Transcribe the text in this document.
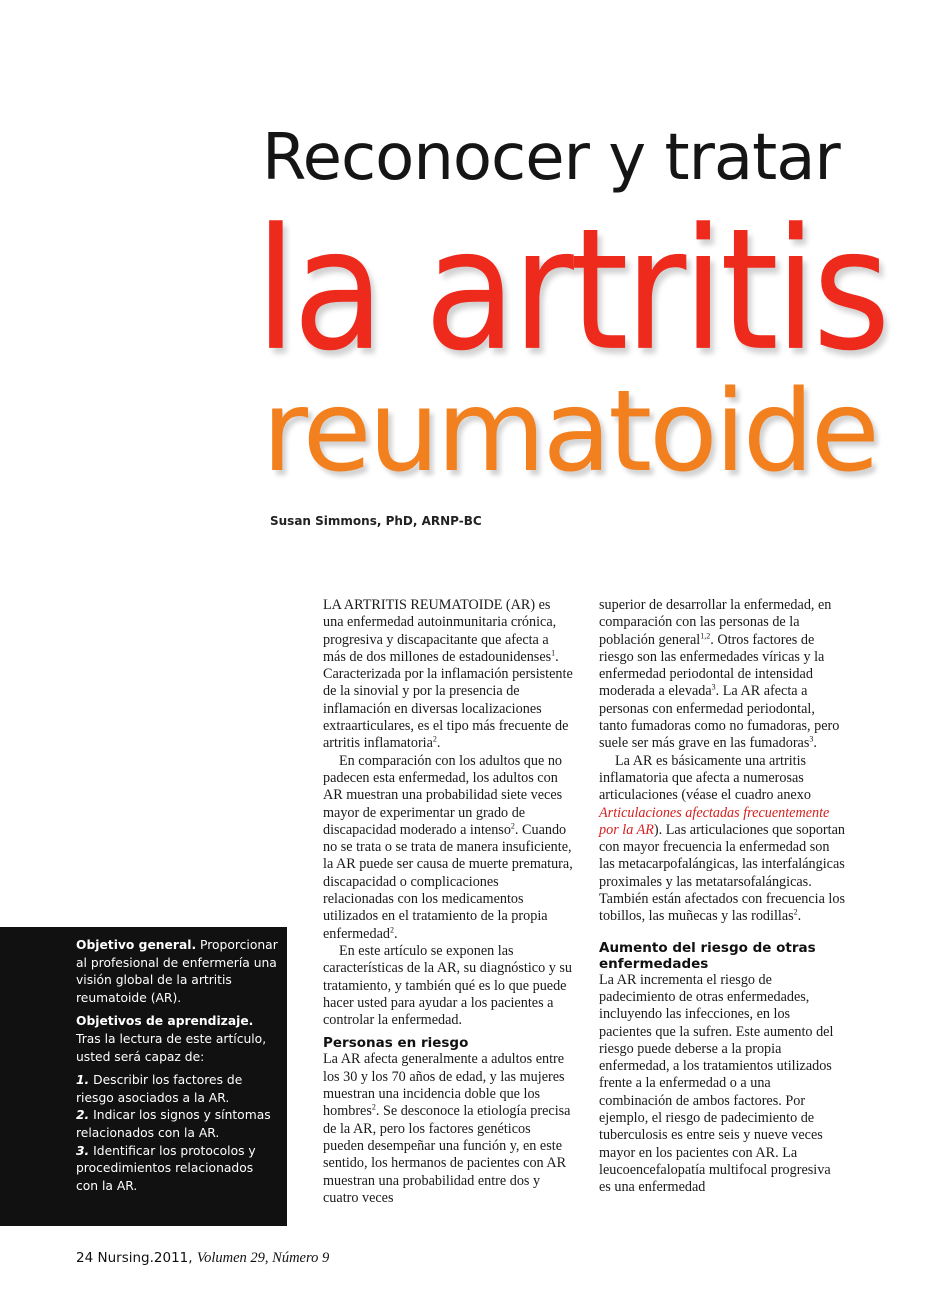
Reconocer y tratar
la artritis
reumatoide
Susan Simmons, PhD, ARNP-BC

LA ARTRITIS REUMATOIDE (AR) es una enfermedad autoinmunitaria crónica, progresiva y discapacitante que afecta a más de dos millones de estadounidenses$^1$. Caracterizada por la inflamación persistente de la sinovial y por la presencia de inflamación en diversas localizaciones extraarticulares, es el tipo más frecuente de artritis inflamatoria$^2$.

En comparación con los adultos que no padecen esta enfermedad, los adultos con AR muestran una probabilidad siete veces mayor de experimentar un grado de discapacidad moderado a intenso$^2$. Cuando no se trata o se trata de manera insuficiente, la AR puede ser causa de muerte prematura, discapacidad o complicaciones relacionadas con los medicamentos utilizados en el tratamiento de la propia enfermedad$^2$.

En este artículo se exponen las características de la AR, su diagnóstico y su tratamiento, y también qué es lo que puede hacer usted para ayudar a los pacientes a controlar la enfermedad.

Personas en riesgo

La AR afecta generalmente a adultos entre los 30 y los 70 años de edad, y las mujeres muestran una incidencia doble que los hombres$^2$. Se desconoce la etiología precisa de la AR, pero los factores genéticos pueden desempeñar una función y, en este sentido, los hermanos de pacientes con AR muestran una probabilidad entre dos y cuatro veces

superior de desarrollar la enfermedad, en comparación con las personas de la población general$^{1,2}$. Otros factores de riesgo son las enfermedades víricas y la enfermedad periodontal de intensidad moderada a elevada$^3$. La AR afecta a personas con enfermedad periodontal, tanto fumadoras como no fumadoras, pero suele ser más grave en las fumadoras$^3$.

La AR es básicamente una artritis inflamatoria que afecta a numerosas articulaciones (véase el cuadro anexo Articulaciones afectadas frecuentemente por la AR). Las articulaciones que soportan con mayor frecuencia la enfermedad son las metacarpofalángicas, las interfalángicas proximales y las metatarsofalángicas. También están afectados con frecuencia los tobillos, las muñecas y las rodillas$^2$.

Aumento del riesgo de otras enfermedades

La AR incrementa el riesgo de padecimiento de otras enfermedades, incluyendo las infecciones, en los pacientes que la sufren. Este aumento del riesgo puede deberse a la propia enfermedad, a los tratamientos utilizados frente a la enfermedad o a una combinación de ambos factores. Por ejemplo, el riesgo de padecimiento de tuberculosis es entre seis y nueve veces mayor en los pacientes con AR. La leucoencefalopatía multifocal progresiva es una enfermedad

Objetivo general. Proporcionar al profesional de enfermería una visión global de la artritis reumatoide (AR).

Objetivos de aprendizaje. Tras la lectura de este artículo, usted será capaz de:

1. Describir los factores de riesgo asociados a la AR.
2. Indicar los signos y síntomas relacionados con la AR.
3. Identificar los protocolos y procedimientos relacionados con la AR.
24 Nursing.2011, Volumen 29, Número 9
